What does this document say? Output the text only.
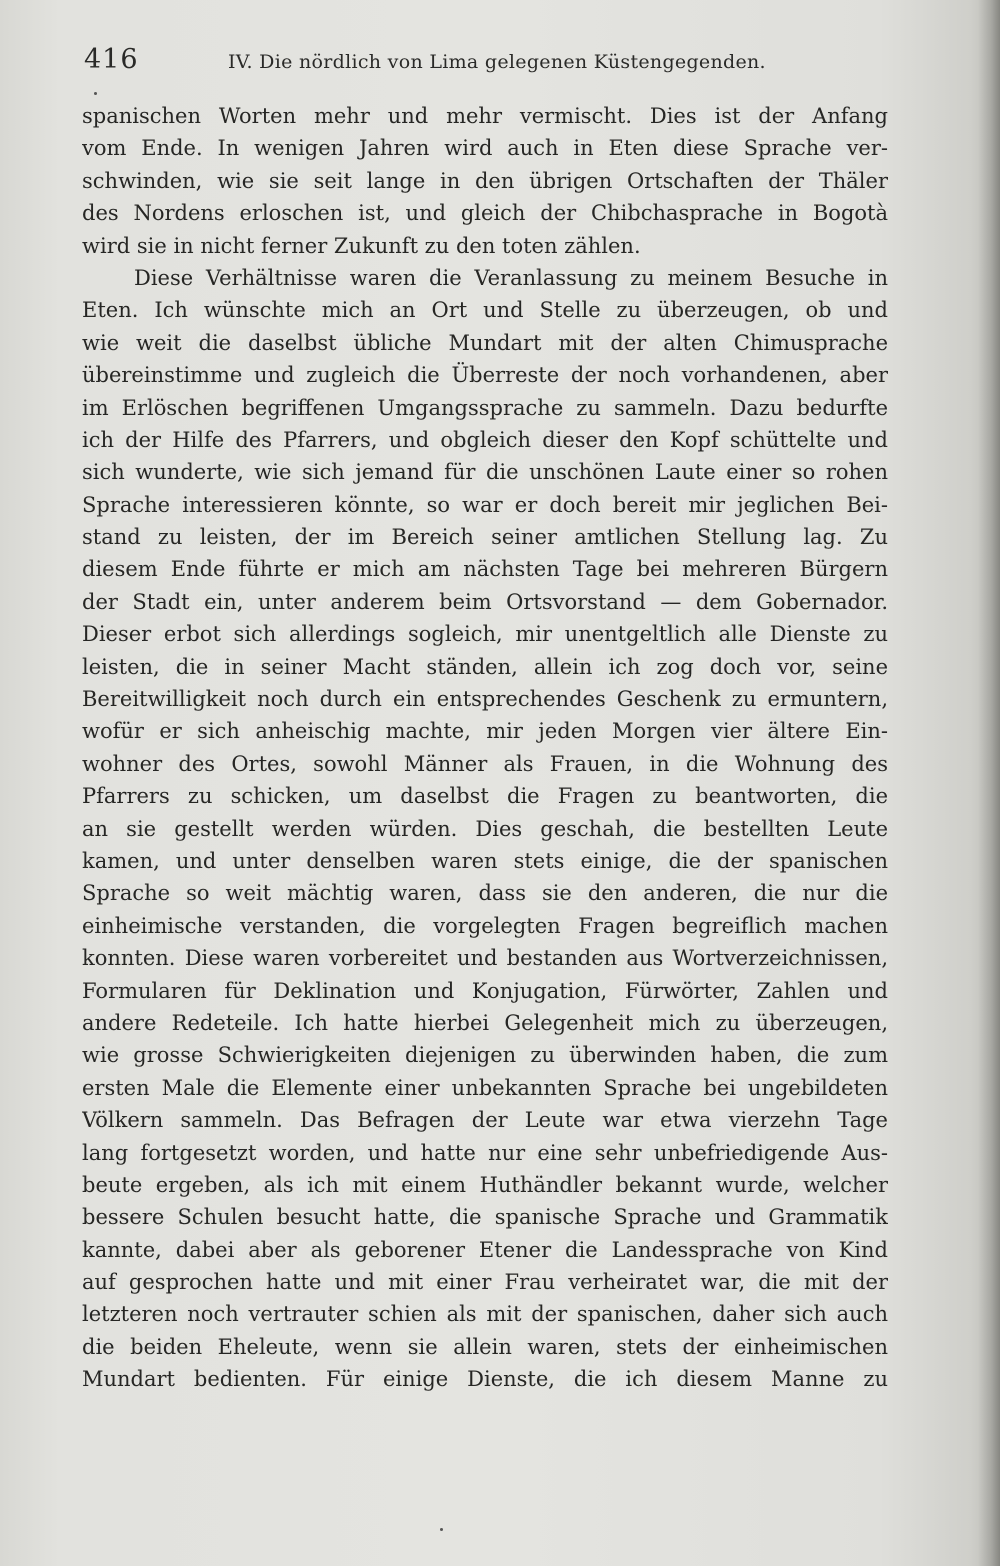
416	IV. Die nördlich von Lima gelegenen Küstengegenden.
spanischen Worten mehr und mehr vermischt. Dies ist der Anfang
vom Ende. In wenigen Jahren wird auch in Eten diese Sprache ver-
schwinden, wie sie seit lange in den übrigen Ortschaften der Thäler
des Nordens erloschen ist, und gleich der Chibchasprache in Bogotà
wird sie in nicht ferner Zukunft zu den toten zählen.
Diese Verhältnisse waren die Veranlassung zu meinem Besuche in
Eten. Ich wünschte mich an Ort und Stelle zu überzeugen, ob und
wie weit die daselbst übliche Mundart mit der alten Chimusprache
übereinstimme und zugleich die Überreste der noch vorhandenen, aber
im Erlöschen begriffenen Umgangssprache zu sammeln. Dazu bedurfte
ich der Hilfe des Pfarrers, und obgleich dieser den Kopf schüttelte und
sich wunderte, wie sich jemand für die unschönen Laute einer so rohen
Sprache interessieren könnte, so war er doch bereit mir jeglichen Bei-
stand zu leisten, der im Bereich seiner amtlichen Stellung lag. Zu
diesem Ende führte er mich am nächsten Tage bei mehreren Bürgern
der Stadt ein, unter anderem beim Ortsvorstand — dem Gobernador.
Dieser erbot sich allerdings sogleich, mir unentgeltlich alle Dienste zu
leisten, die in seiner Macht ständen, allein ich zog doch vor, seine
Bereitwilligkeit noch durch ein entsprechendes Geschenk zu ermuntern,
wofür er sich anheischig machte, mir jeden Morgen vier ältere Ein-
wohner des Ortes, sowohl Männer als Frauen, in die Wohnung des
Pfarrers zu schicken, um daselbst die Fragen zu beantworten, die
an sie gestellt werden würden. Dies geschah, die bestellten Leute
kamen, und unter denselben waren stets einige, die der spanischen
Sprache so weit mächtig waren, dass sie den anderen, die nur die
einheimische verstanden, die vorgelegten Fragen begreiflich machen
konnten. Diese waren vorbereitet und bestanden aus Wortverzeichnissen,
Formularen für Deklination und Konjugation, Fürwörter, Zahlen und
andere Redeteile. Ich hatte hierbei Gelegenheit mich zu überzeugen,
wie grosse Schwierigkeiten diejenigen zu überwinden haben, die zum
ersten Male die Elemente einer unbekannten Sprache bei ungebildeten
Völkern sammeln. Das Befragen der Leute war etwa vierzehn Tage
lang fortgesetzt worden, und hatte nur eine sehr unbefriedigende Aus-
beute ergeben, als ich mit einem Huthändler bekannt wurde, welcher
bessere Schulen besucht hatte, die spanische Sprache und Grammatik
kannte, dabei aber als geborener Etener die Landessprache von Kind
auf gesprochen hatte und mit einer Frau verheiratet war, die mit der
letzteren noch vertrauter schien als mit der spanischen, daher sich auch
die beiden Eheleute, wenn sie allein waren, stets der einheimischen
Mundart bedienten. Für einige Dienste, die ich diesem Manne zu
